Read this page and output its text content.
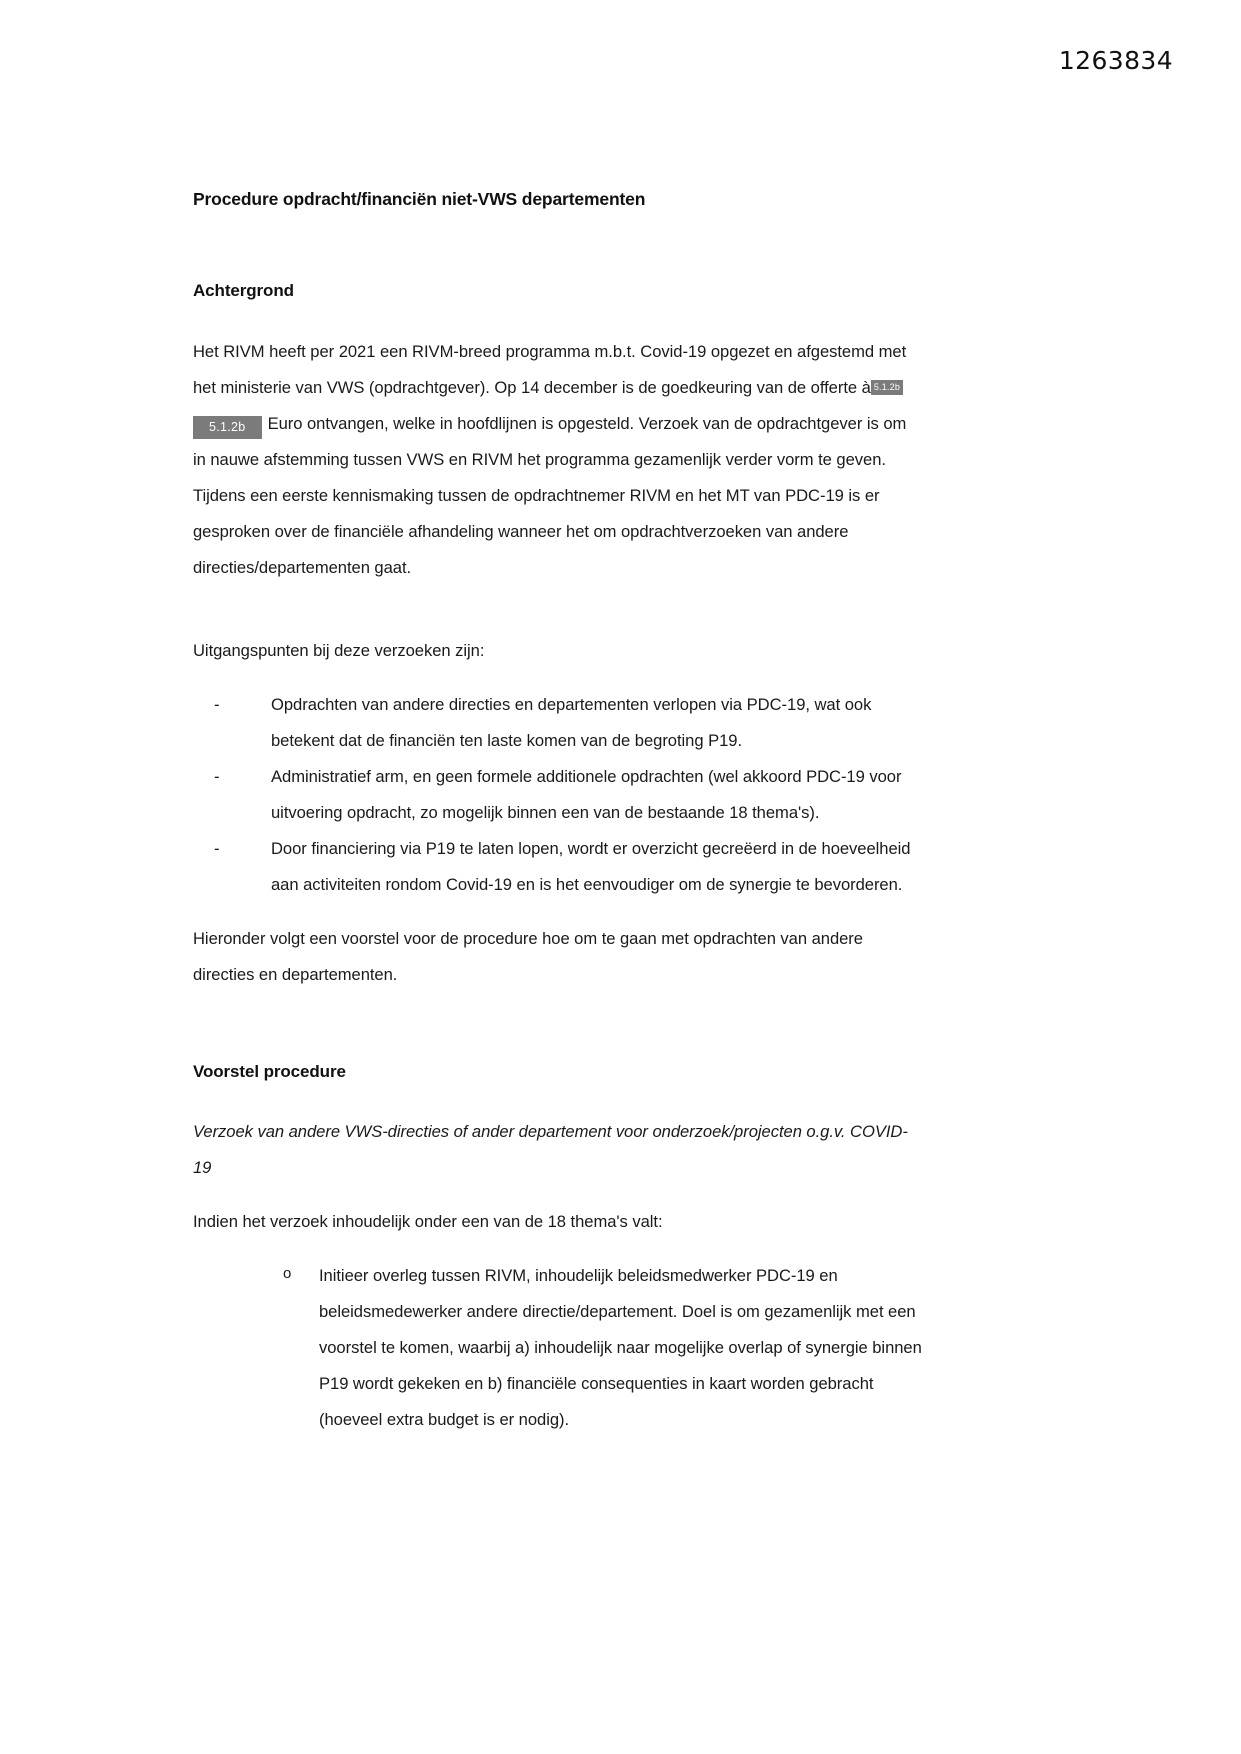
1263834
Procedure opdracht/financiën niet-VWS departementen
Achtergrond

Het RIVM heeft per 2021 een RIVM-breed programma m.b.t. Covid-19 opgezet en afgestemd met het ministerie van VWS (opdrachtgever). Op 14 december is de goedkeuring van de offerte à 5.1.2b 5.1.2b Euro ontvangen, welke in hoofdlijnen is opgesteld. Verzoek van de opdrachtgever is om in nauwe afstemming tussen VWS en RIVM het programma gezamenlijk verder vorm te geven. Tijdens een eerste kennismaking tussen de opdrachtnemer RIVM en het MT van PDC-19 is er gesproken over de financiële afhandeling wanneer het om opdrachtverzoeken van andere directies/departementen gaat.

Uitgangspunten bij deze verzoeken zijn:

-	Opdrachten van andere directies en departementen verlopen via PDC-19, wat ook betekent dat de financiën ten laste komen van de begroting P19.
-	Administratief arm, en geen formele additionele opdrachten (wel akkoord PDC-19 voor uitvoering opdracht, zo mogelijk binnen een van de bestaande 18 thema's).
-	Door financiering via P19 te laten lopen, wordt er overzicht gecreëerd in de hoeveelheid aan activiteiten rondom Covid-19 en is het eenvoudiger om de synergie te bevorderen.

Hieronder volgt een voorstel voor de procedure hoe om te gaan met opdrachten van andere directies en departementen.

Voorstel procedure

Verzoek van andere VWS-directies of ander departement voor onderzoek/projecten o.g.v. COVID-19

Indien het verzoek inhoudelijk onder een van de 18 thema's valt:

o Initieer overleg tussen RIVM, inhoudelijk beleidsmedwerker PDC-19 en beleidsmedewerker andere directie/departement. Doel is om gezamenlijk met een voorstel te komen, waarbij a) inhoudelijk naar mogelijke overlap of synergie binnen P19 wordt gekeken en b) financiële consequenties in kaart worden gebracht (hoeveel extra budget is er nodig).
